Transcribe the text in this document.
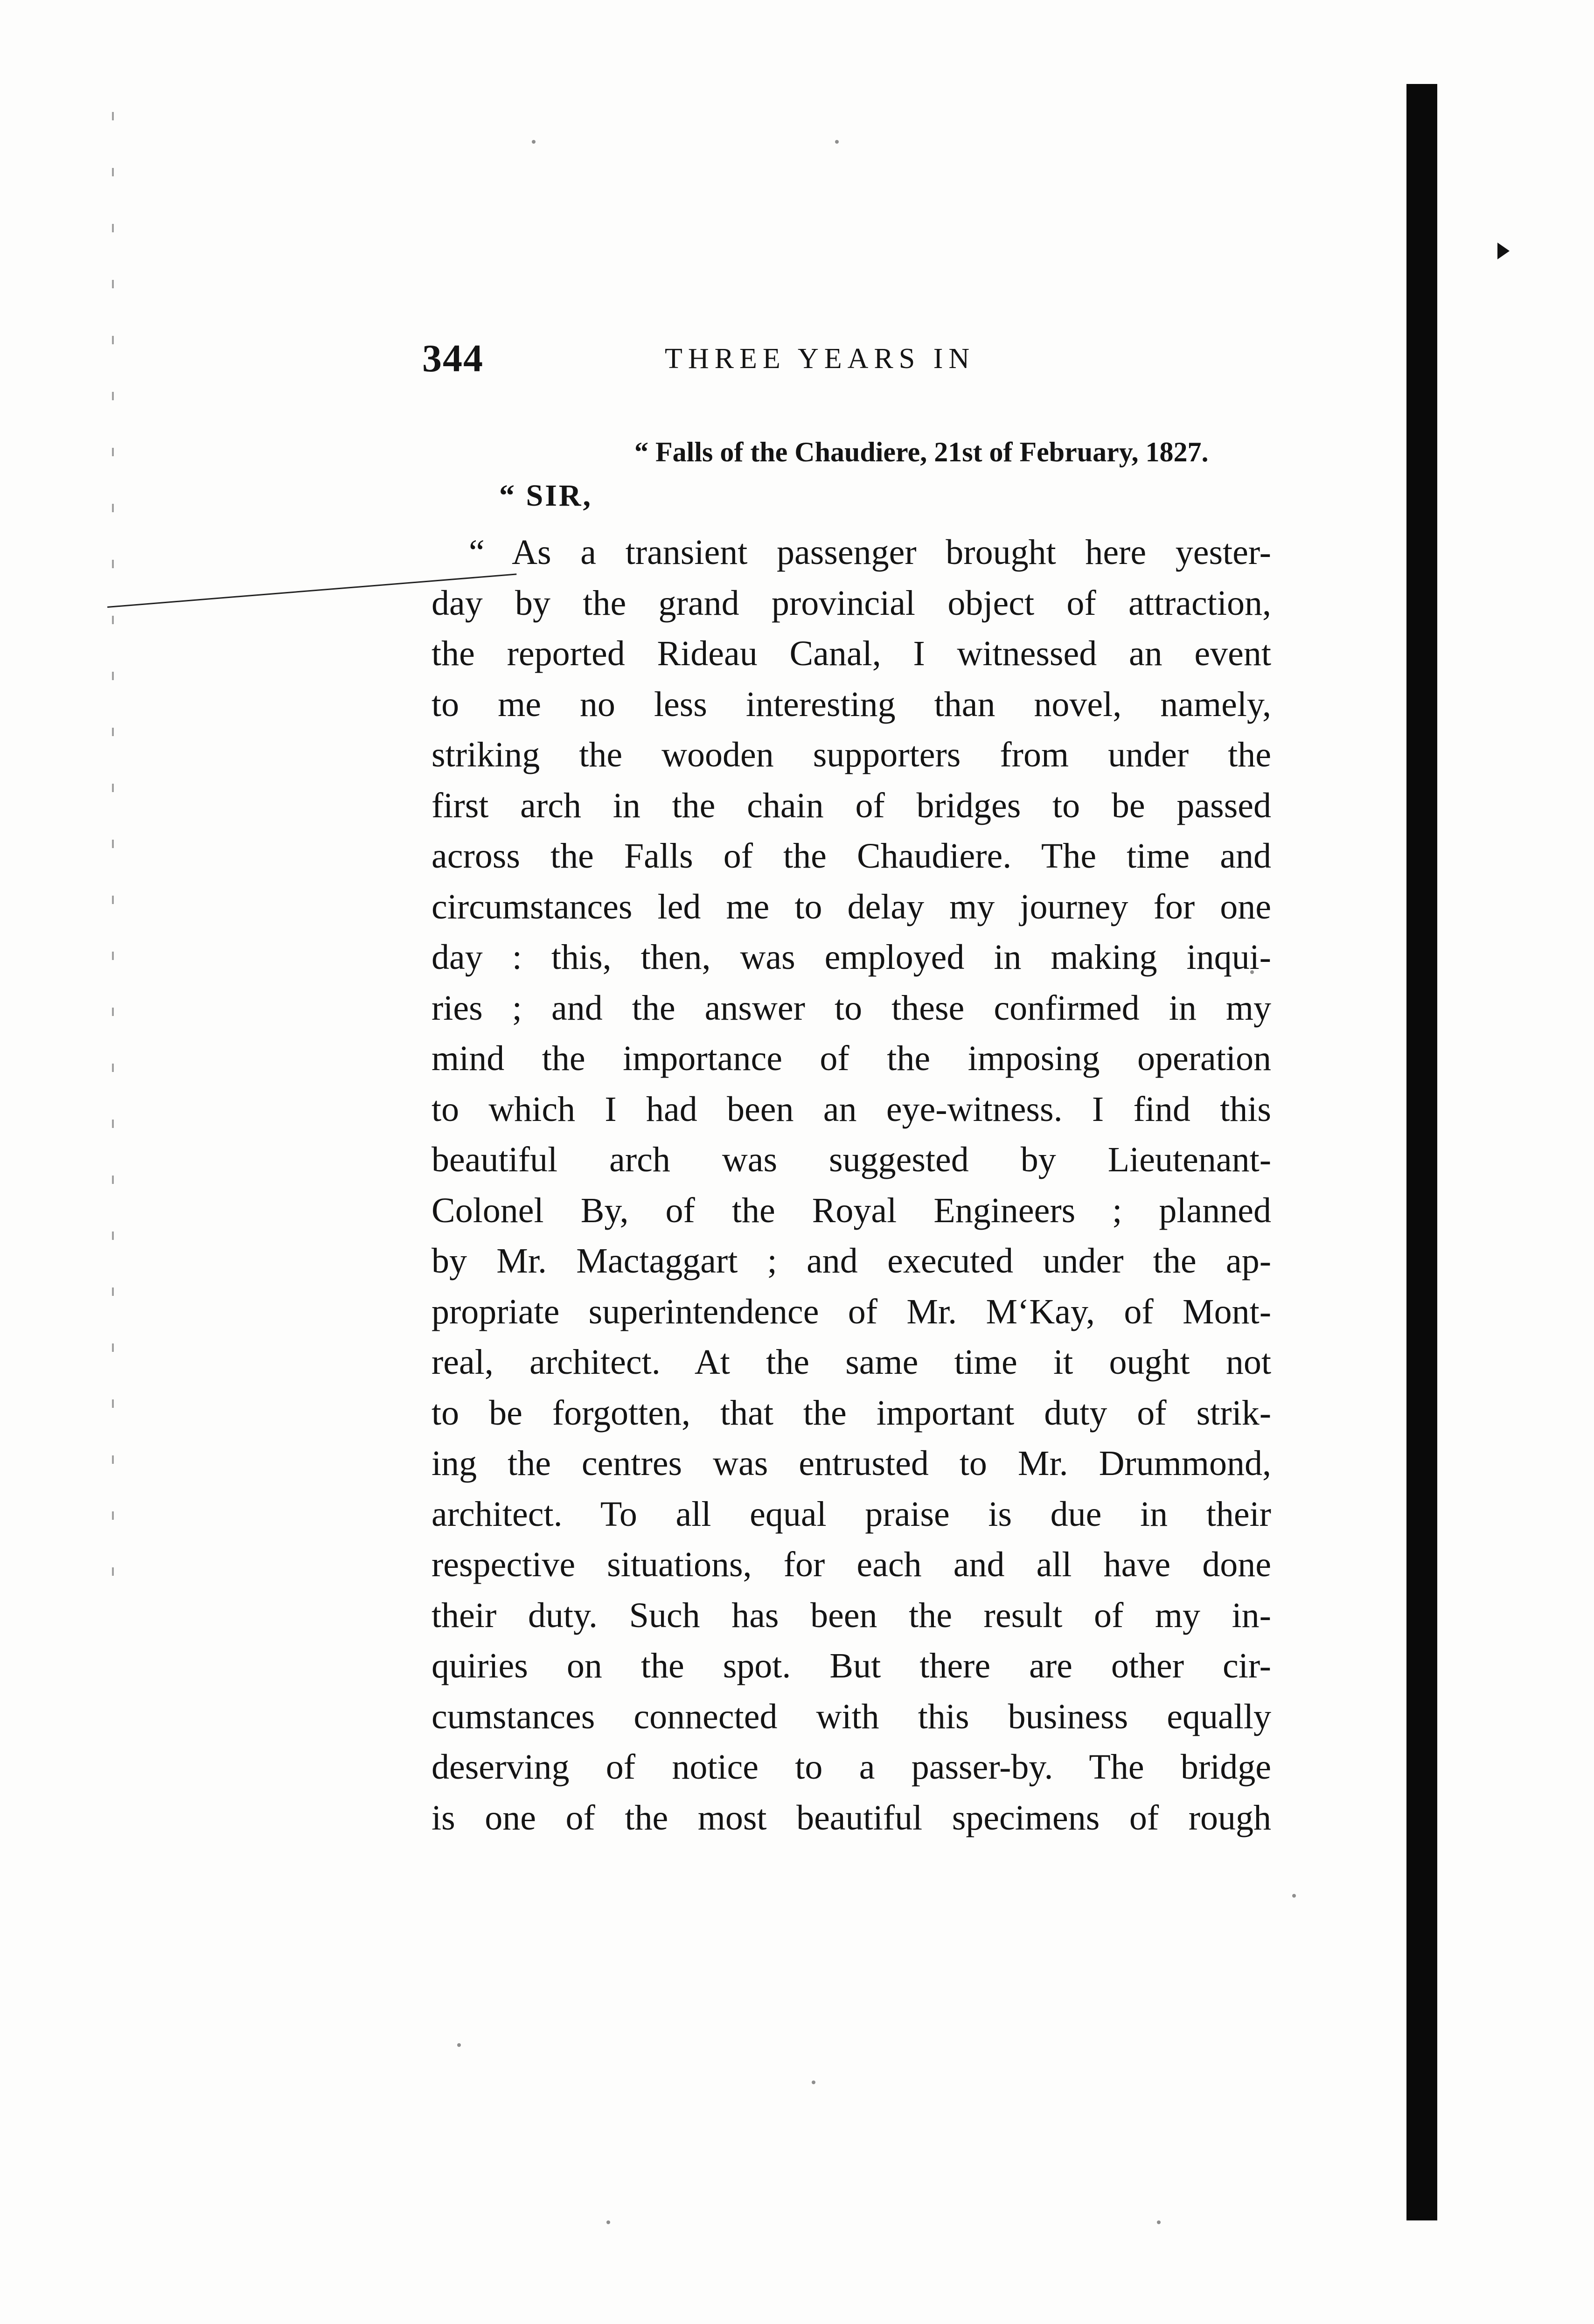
344	THREE YEARS IN
“ Falls of the Chaudiere, 21st of February, 1827.
“ SIR,
“ As a transient passenger brought here yester-
day by the grand provincial object of attraction,
the reported Rideau Canal, I witnessed an event
to me no less interesting than novel, namely,
striking the wooden supporters from under the
first arch in the chain of bridges to be passed
across the Falls of the Chaudiere. The time and
circumstances led me to delay my journey for one
day : this, then, was employed in making inqui-
ries ; and the answer to these confirmed in my
mind the importance of the imposing operation
to which I had been an eye-witness. I find this
beautiful arch was suggested by Lieutenant-
Colonel By, of the Royal Engineers ; planned
by Mr. Mactaggart ; and executed under the ap-
propriate superintendence of Mr. M‘Kay, of Mont-
real, architect. At the same time it ought not
to be forgotten, that the important duty of strik-
ing the centres was entrusted to Mr. Drummond,
architect. To all equal praise is due in their
respective situations, for each and all have done
their duty. Such has been the result of my in-
quiries on the spot. But there are other cir-
cumstances connected with this business equally
deserving of notice to a passer-by. The bridge
is one of the most beautiful specimens of rough
